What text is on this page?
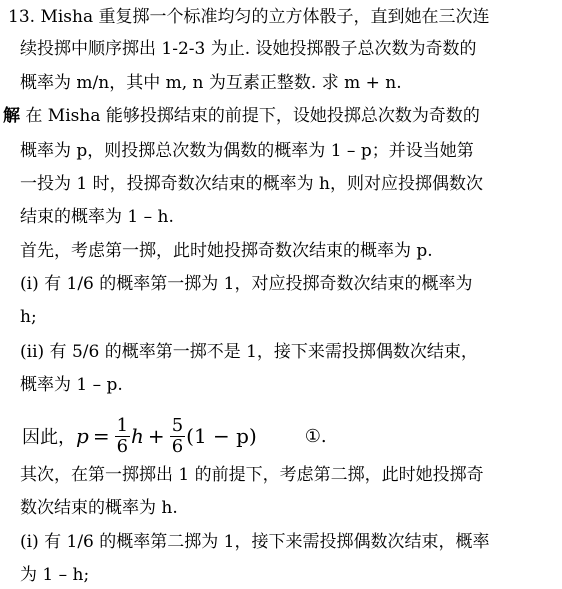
13. Misha 重复掷一个标准均匀的立方体骰子，直到她在三次连
续投掷中顺序掷出 1-2-3 为止. 设她投掷骰子总次数为奇数的
概率为 m/n，其中 m, n 为互素正整数. 求 m + n.
解 在 Misha 能够投掷结束的前提下，设她投掷总次数为奇数的
概率为 p，则投掷总次数为偶数的概率为 1 – p；并设当她第
一投为 1 时，投掷奇数次结束的概率为 h，则对应投掷偶数次
结束的概率为 1 – h.
首先，考虑第一掷，此时她投掷奇数次结束的概率为 p.
(i) 有 1/6 的概率第一掷为 1，对应投掷奇数次结束的概率为
h;
(ii) 有 5/6 的概率第一掷不是 1，接下来需投掷偶数次结束，
概率为 1 – p.
因此， $p = \frac{1}{6}$ $h + \frac{5}{6} (1 - p)$	①.
其次，在第一掷掷出 1 的前提下，考虑第二掷，此时她投掷奇
数次结束的概率为 h.
(i) 有 1/6 的概率第二掷为 1，接下来需投掷偶数次结束，概率
为 1 – h;
